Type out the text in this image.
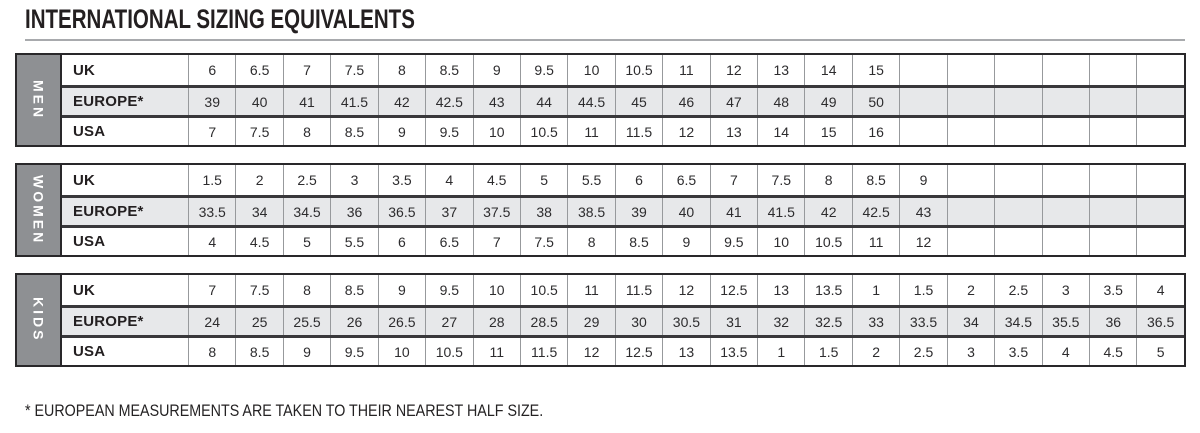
INTERNATIONAL SIZING EQUIVALENTS
MEN
UK	6	6.5	7	7.5	8	8.5	9	9.5	10	10.5	11	12	13	14	15
EUROPE*	39	40	41	41.5	42	42.5	43	44	44.5	45	46	47	48	49	50
USA	7	7.5	8	8.5	9	9.5	10	10.5	11	11.5	12	13	14	15	16
WOMEN	UK	1.5	2	2.5	3	3.5	4	4.5	5	5.5	6	6.5	7	7.5	8	8.5	9
EUROPE*	33.5	34	34.5	36	36.5	37	37.5	38	38.5	39	40	41	41.5	42	42.5	43
USA	4	4.5	5	5.5	6	6.5	7	7.5	8	8.5	9	9.5	10	10.5	11	12
KIDS
UK	7	7.5	8	8.5	9	9.5	10	10.5	11	11.5	12	12.5	13	13.5	1	1.5	2	2.5	3	3.5	4
EUROPE*	24	25	25.5	26	26.5	27	28	28.5	29	30	30.5	31	32	32.5	33	33.5	34	34.5	35.5	36	36.5
USA	8	8.5	9	9.5	10	10.5	11	11.5	12	12.5	13	13.5	1	1.5	2	2.5	3	3.5	4	4.5	5
* EUROPEAN MEASUREMENTS ARE TAKEN TO THEIR NEAREST HALF SIZE.
